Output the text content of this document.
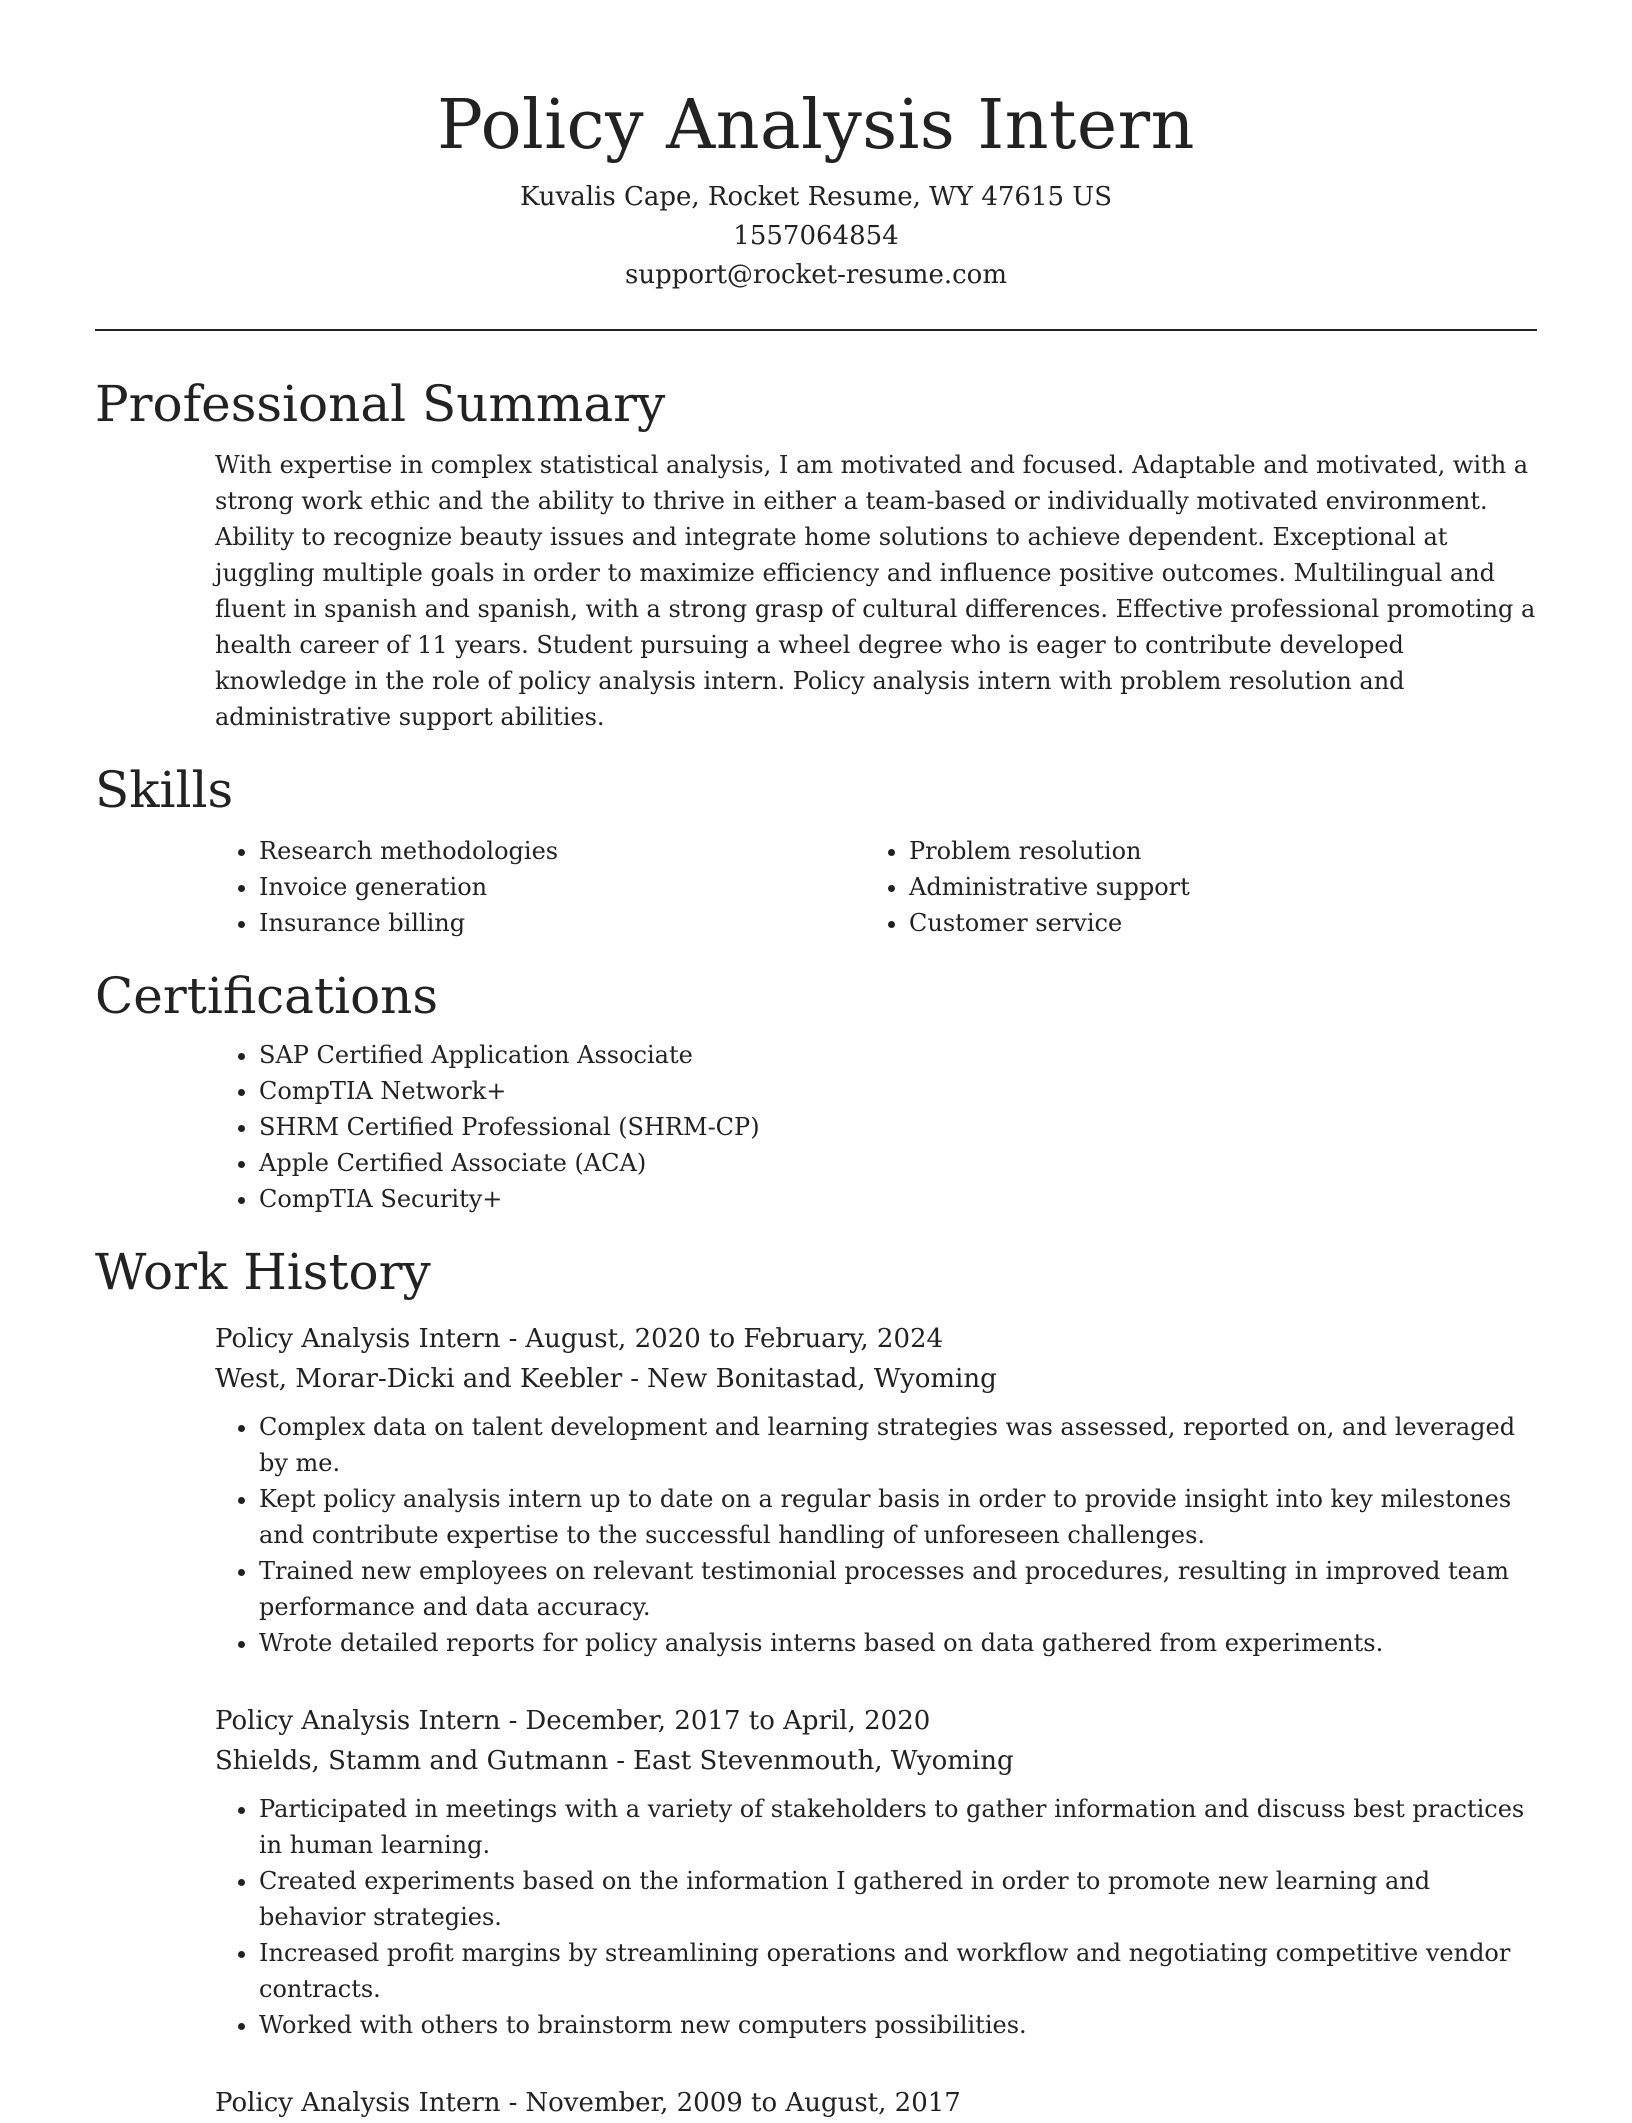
Policy Analysis Intern
Kuvalis Cape, Rocket Resume, WY 47615 US
1557064854
support@rocket-resume.com
Professional Summary

With expertise in complex statistical analysis, I am motivated and focused. Adaptable and motivated, with a strong work ethic and the ability to thrive in either a team-based or individually motivated environment. Ability to recognize beauty issues and integrate home solutions to achieve dependent. Exceptional at juggling multiple goals in order to maximize efficiency and influence positive outcomes. Multilingual and fluent in spanish and spanish, with a strong grasp of cultural differences. Effective professional promoting a health career of 11 years. Student pursuing a wheel degree who is eager to contribute developed knowledge in the role of policy analysis intern. Policy analysis intern with problem resolution and administrative support abilities.

Skills
• Research methodologies
• Invoice generation
• Insurance billing
• Problem resolution
• Administrative support
• Customer service
Certifications
• SAP Certified Application Associate
• CompTIA Network+
• SHRM Certified Professional (SHRM-CP)
• Apple Certified Associate (ACA)
• CompTIA Security+
Work History
Policy Analysis Intern - August, 2020 to February, 2024
West, Morar-Dicki and Keebler - New Bonitastad, Wyoming
• Complex data on talent development and learning strategies was assessed, reported on, and leveraged by me.
• Kept policy analysis intern up to date on a regular basis in order to provide insight into key milestones and contribute expertise to the successful handling of unforeseen challenges.
• Trained new employees on relevant testimonial processes and procedures, resulting in improved team performance and data accuracy.
• Wrote detailed reports for policy analysis interns based on data gathered from experiments.
Policy Analysis Intern - December, 2017 to April, 2020
Shields, Stamm and Gutmann - East Stevenmouth, Wyoming
• Participated in meetings with a variety of stakeholders to gather information and discuss best practices in human learning.
• Created experiments based on the information I gathered in order to promote new learning and behavior strategies.
• Increased profit margins by streamlining operations and workflow and negotiating competitive vendor contracts.
• Worked with others to brainstorm new computers possibilities.
Policy Analysis Intern - November, 2009 to August, 2017
